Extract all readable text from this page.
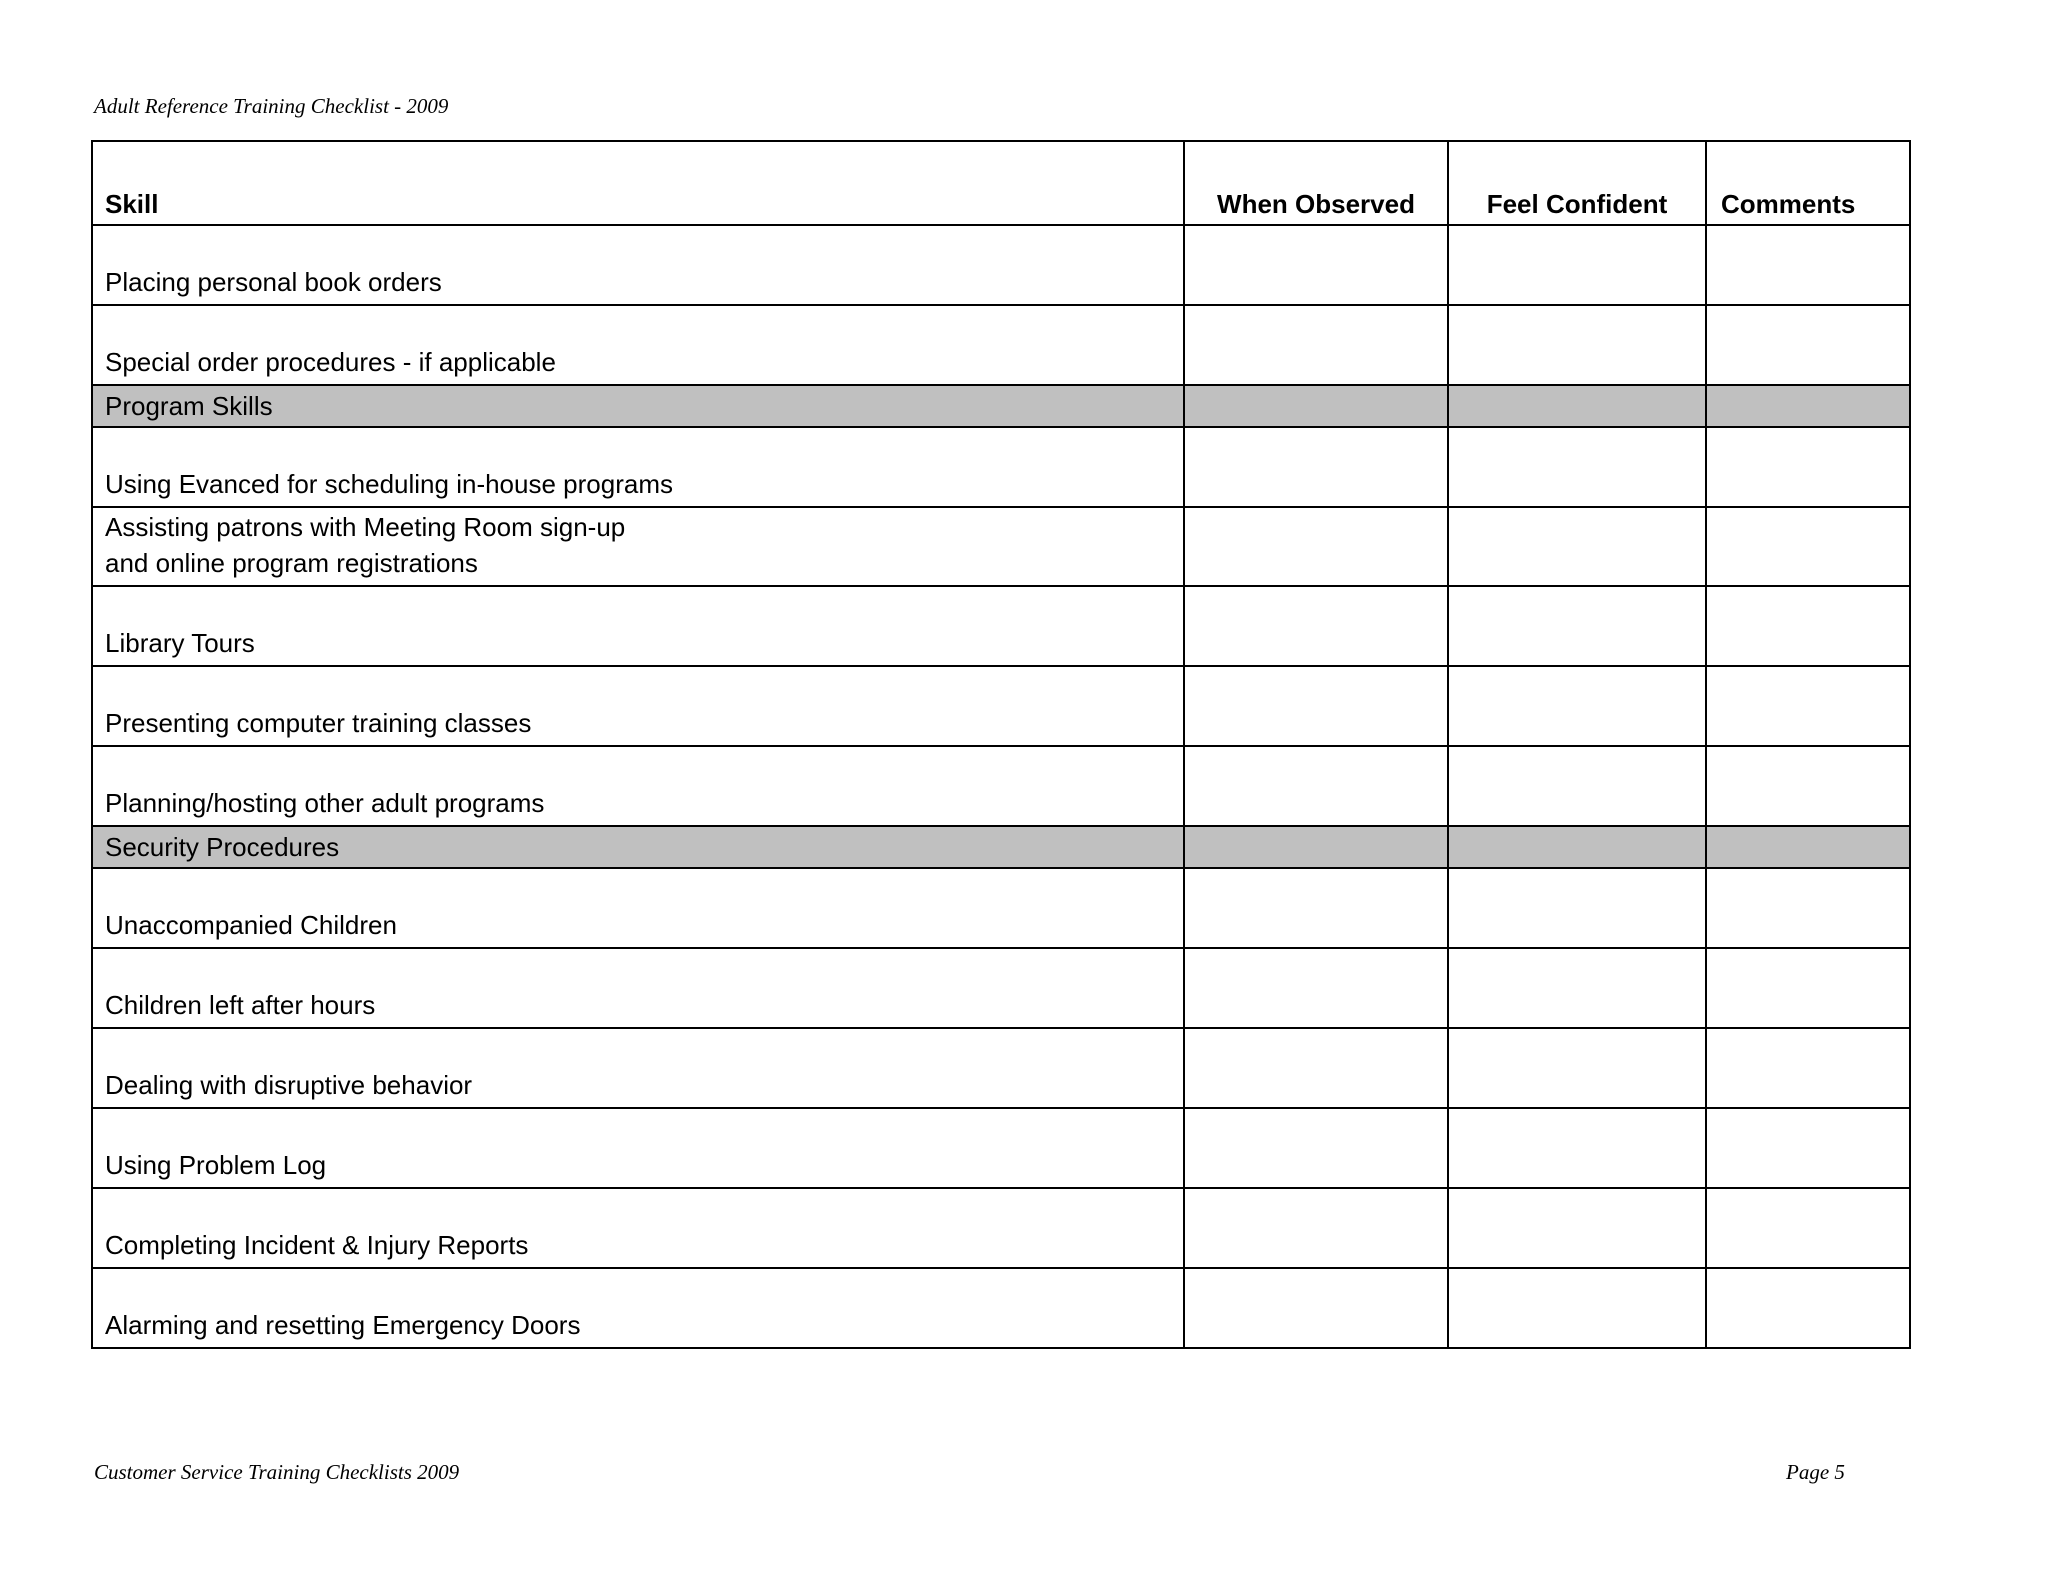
Adult Reference Training Checklist - 2009
Skill	When Observed	Feel Confident	Comments

Placing personal book orders			

Special order procedures - if applicable			

Program Skills			

Using Evanced for scheduling in-house programs			

Assisting patrons with Meeting Room sign-up
and online program registrations			

Library Tours			

Presenting computer training classes			

Planning/hosting other adult programs			

Security Procedures			

Unaccompanied Children			

Children left after hours			

Dealing with disruptive behavior			

Using Problem Log			

Completing Incident & Injury Reports			

Alarming and resetting Emergency Doors			

Customer Service Training Checklists 2009	Page 5
